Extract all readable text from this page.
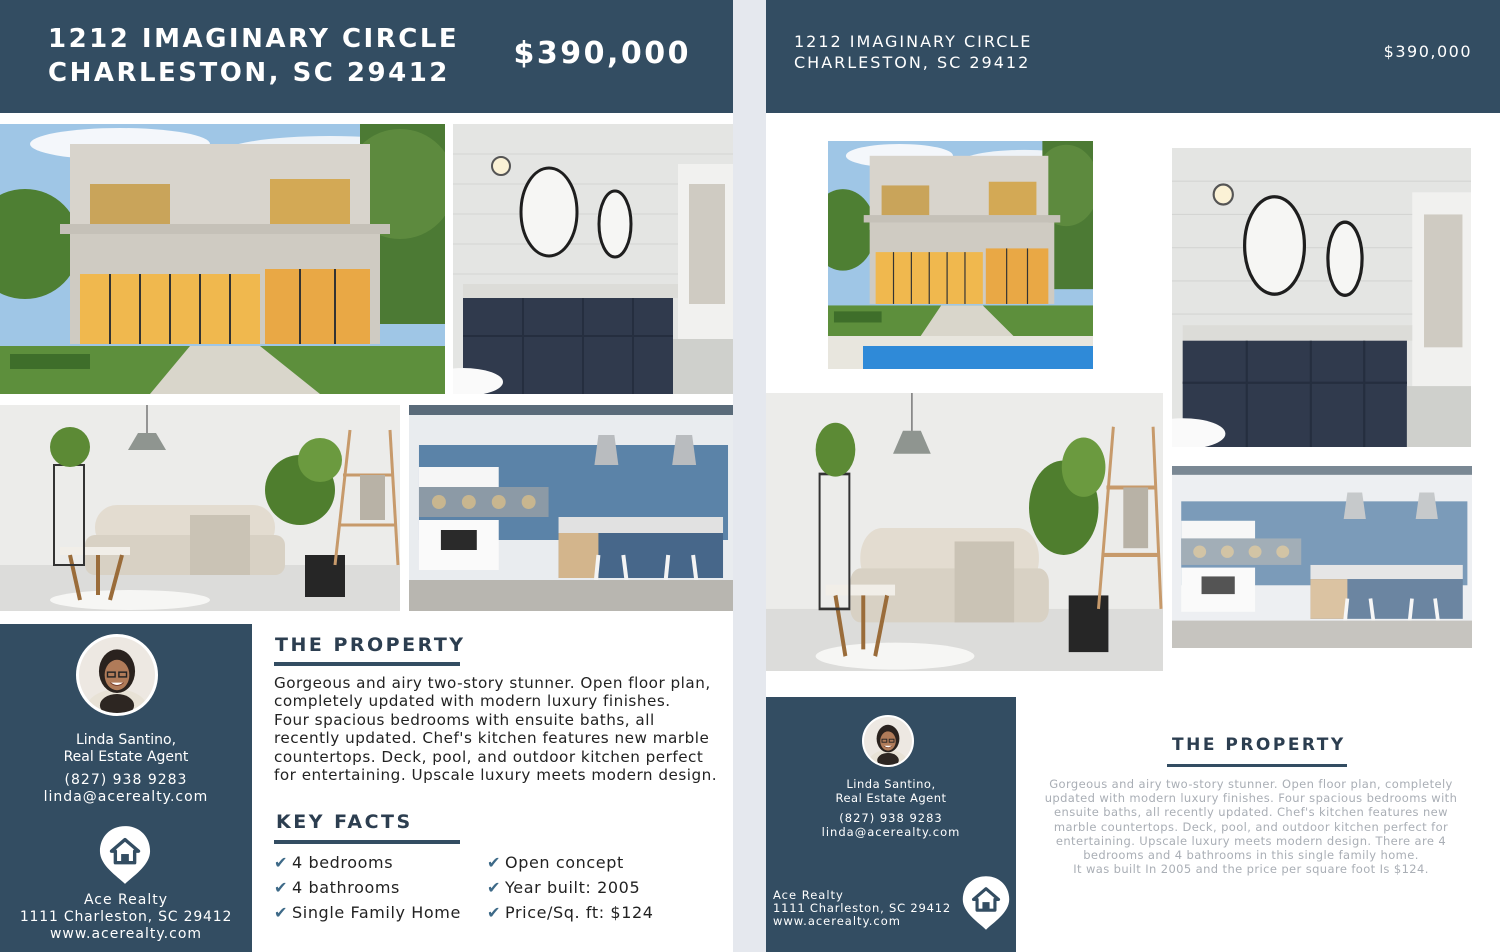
1212 IMAGINARY CIRCLE
CHARLESTON, SC 29412
$390,000
Linda Santino,
Real Estate Agent
(827) 938 9283
linda@acerealty.com
Ace Realty
1111 Charleston, SC 29412
www.acerealty.com
THE PROPERTY
Gorgeous and airy two-story stunner. Open floor plan,
completely updated with modern luxury finishes.
Four spacious bedrooms with ensuite baths, all
recently updated. Chef's kitchen features new marble
countertops. Deck, pool, and outdoor kitchen perfect
for entertaining. Upscale luxury meets modern design.
KEY FACTS
✔ 4 bedrooms
✔ 4 bathrooms
✔ Single Family Home
✔ Open concept
✔ Year built: 2005
✔ Price/Sq. ft: $124
1212 IMAGINARY CIRCLE
CHARLESTON, SC 29412
$390,000
Linda Santino,
Real Estate Agent
(827) 938 9283
linda@acerealty.com
Ace Realty
1111 Charleston, SC 29412
www.acerealty.com
THE PROPERTY
Gorgeous and airy two-story stunner. Open floor plan, completely
updated with modern luxury finishes. Four spacious bedrooms with
ensuite baths, all recently updated. Chef's kitchen features new
marble countertops. Deck, pool, and outdoor kitchen perfect for
entertaining. Upscale luxury meets modern design. There are 4
bedrooms and 4 bathrooms in this single family home.
It was built In 2005 and the price per square foot Is $124.
